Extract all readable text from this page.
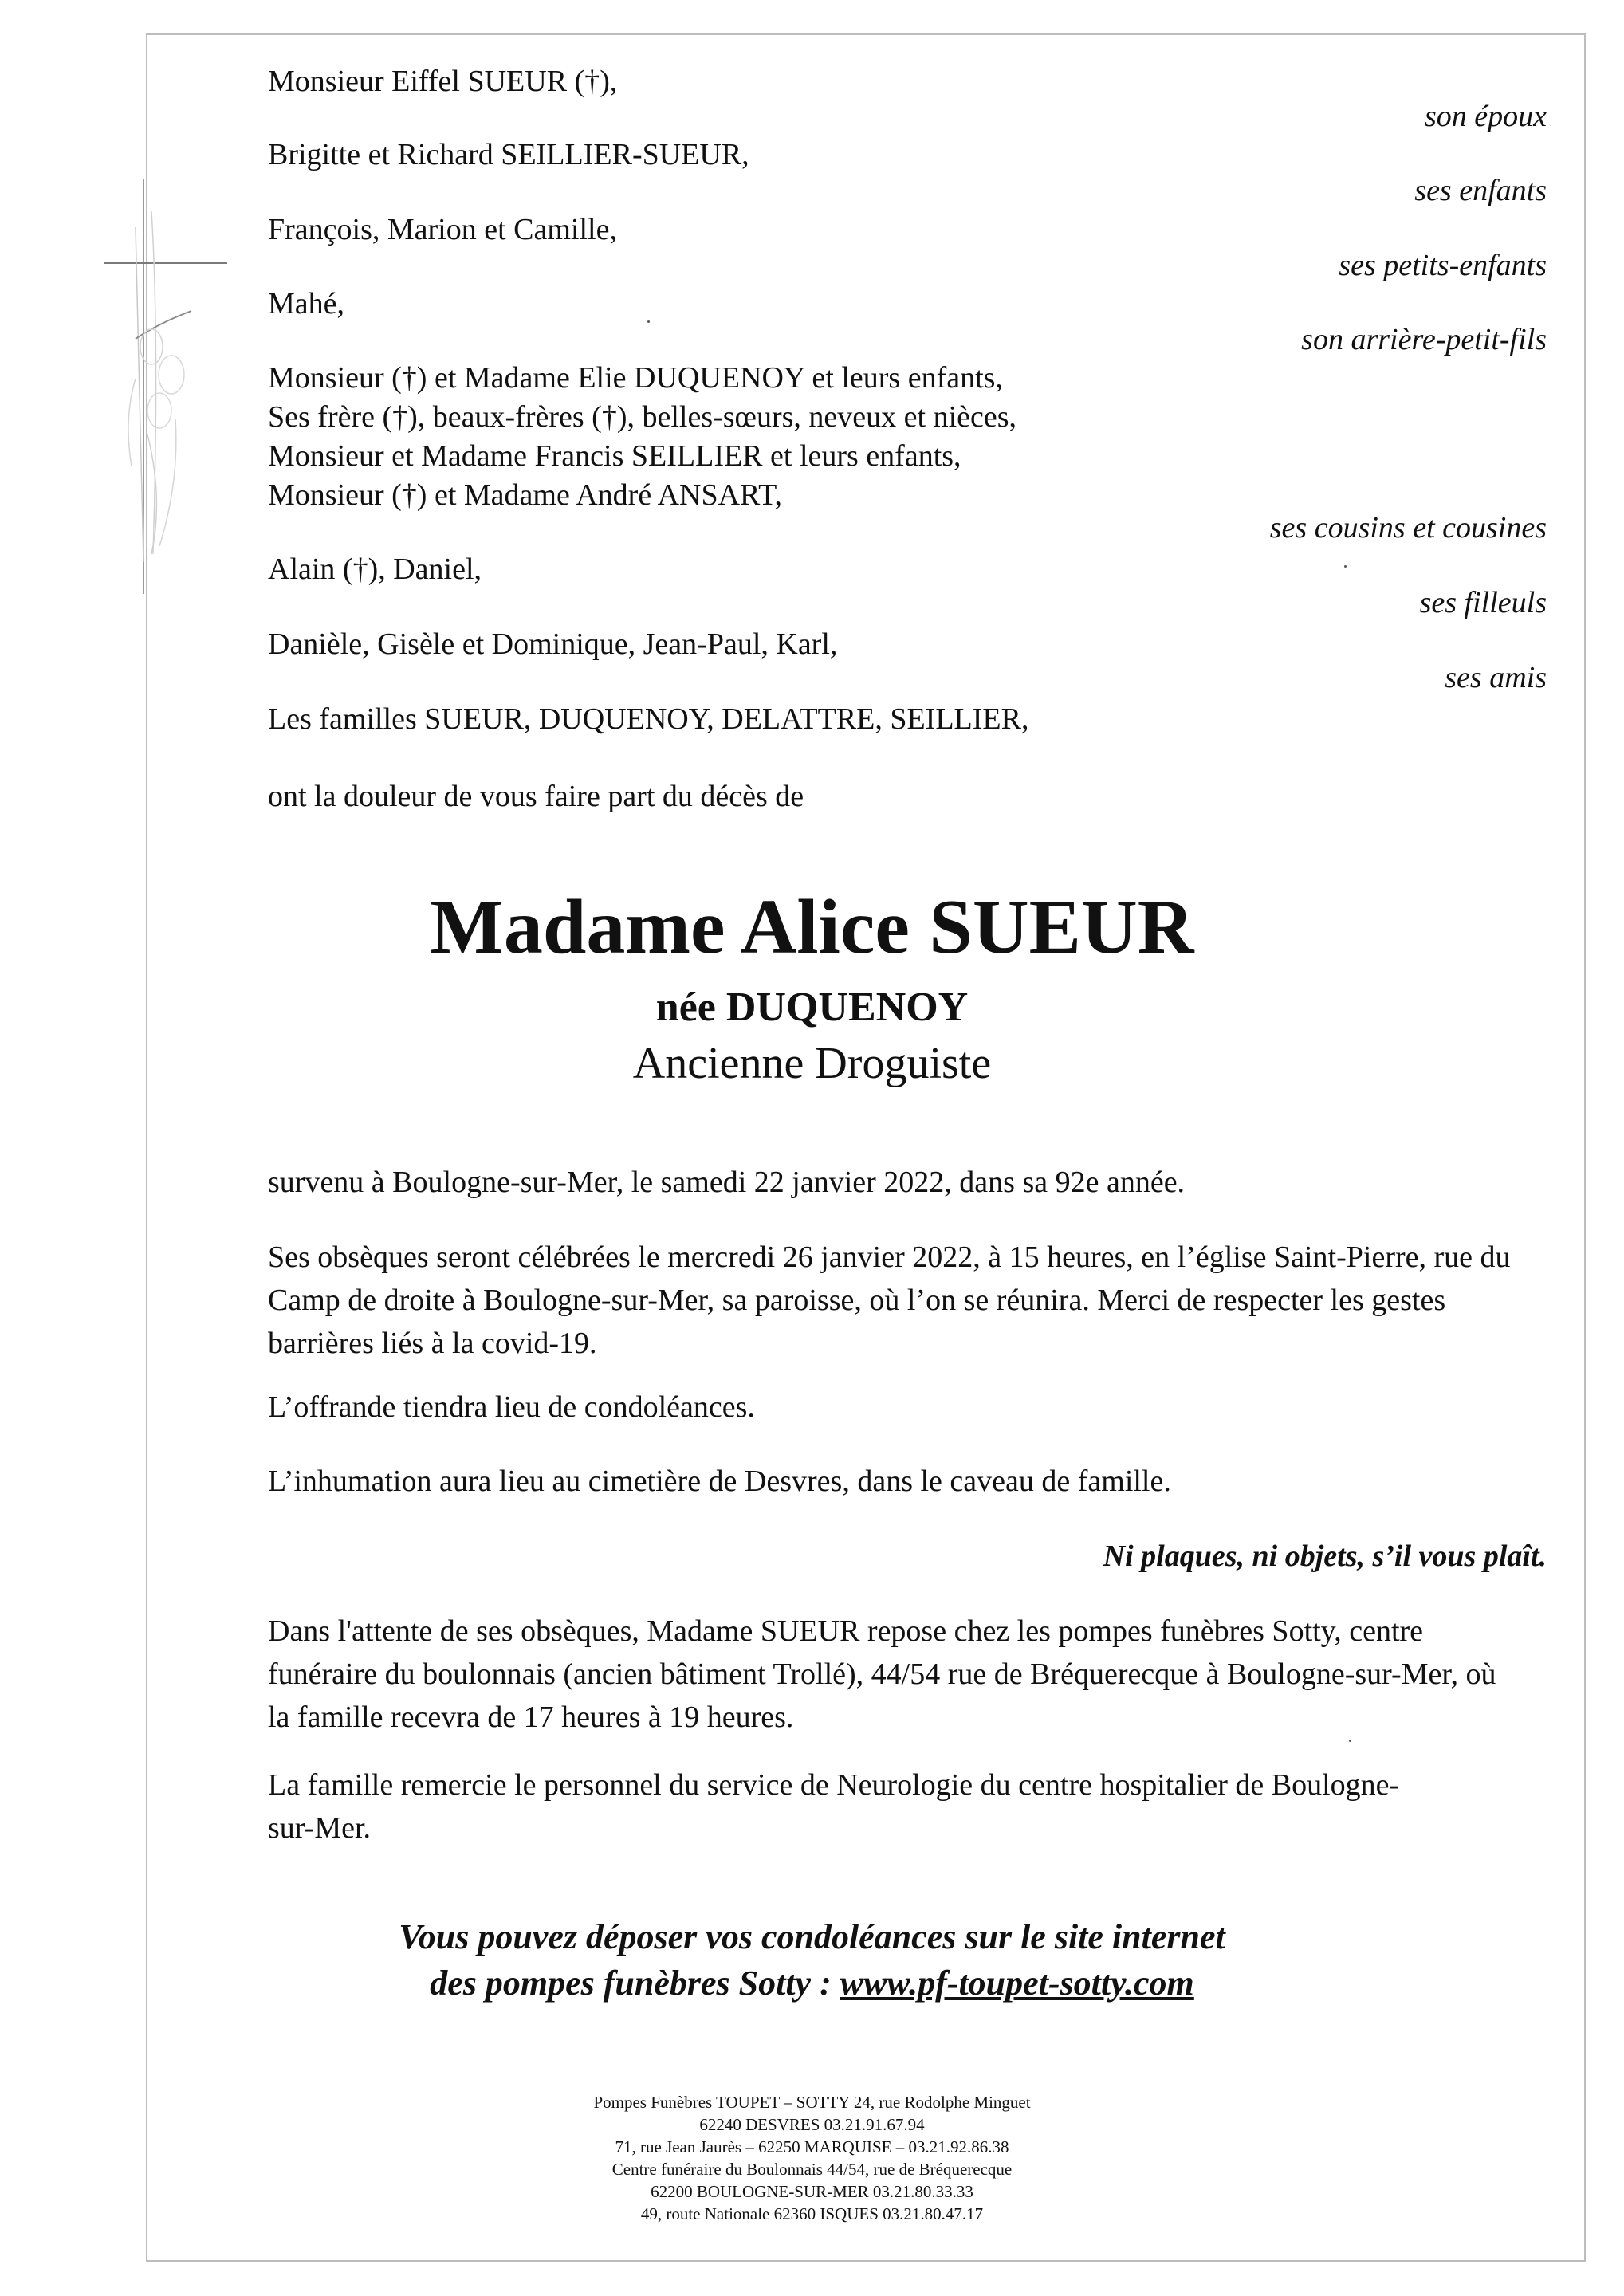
Monsieur Eiffel SUEUR (†),

Brigitte et Richard SEILLIER-SUEUR,

François, Marion et Camille,

Mahé,

Monsieur (†) et Madame Elie DUQUENOY et leurs enfants,

Ses frère (†), beaux-frères (†), belles-sœurs, neveux et nièces,

Monsieur et Madame Francis SEILLIER et leurs enfants,

Monsieur (†) et Madame André ANSART,

Alain (†), Daniel,

Danièle, Gisèle et Dominique, Jean-Paul, Karl,

Les familles SUEUR, DUQUENOY, DELATTRE, SEILLIER,

son époux

ses enfants

ses petits-enfants

son arrière-petit-fils

ses cousins et cousines

ses filleuls

ses amis

ont la douleur de vous faire part du décès de

Madame Alice SUEUR

née DUQUENOY

Ancienne Droguiste

survenu à Boulogne-sur-Mer, le samedi 22 janvier 2022, dans sa 92e année.

Ses obsèques seront célébrées le mercredi 26 janvier 2022, à 15 heures, en l’église Saint-Pierre, rue du Camp de droite à Boulogne-sur-Mer, sa paroisse, où l’on se réunira. Merci de respecter les gestes barrières liés à la covid-19.

L’offrande tiendra lieu de condoléances.

L’inhumation aura lieu au cimetière de Desvres, dans le caveau de famille.

Ni plaques, ni objets, s’il vous plaît.

Dans l'attente de ses obsèques, Madame SUEUR repose chez les pompes funèbres Sotty, centre funéraire du boulonnais (ancien bâtiment Trollé), 44/54 rue de Bréquerecque à Boulogne-sur-Mer, où la famille recevra de 17 heures à 19 heures.

La famille remercie le personnel du service de Neurologie du centre hospitalier de Boulogne-sur-Mer.

Vous pouvez déposer vos condoléances sur le site internet

des pompes funèbres Sotty : www.pf-toupet-sotty.com

Pompes Funèbres TOUPET – SOTTY 24, rue Rodolphe Minguet
62240 DESVRES 03.21.91.67.94
71, rue Jean Jaurès – 62250 MARQUISE – 03.21.92.86.38
Centre funéraire du Boulonnais 44/54, rue de Bréquerecque
62200 BOULOGNE-SUR-MER 03.21.80.33.33
49, route Nationale 62360 ISQUES 03.21.80.47.17
